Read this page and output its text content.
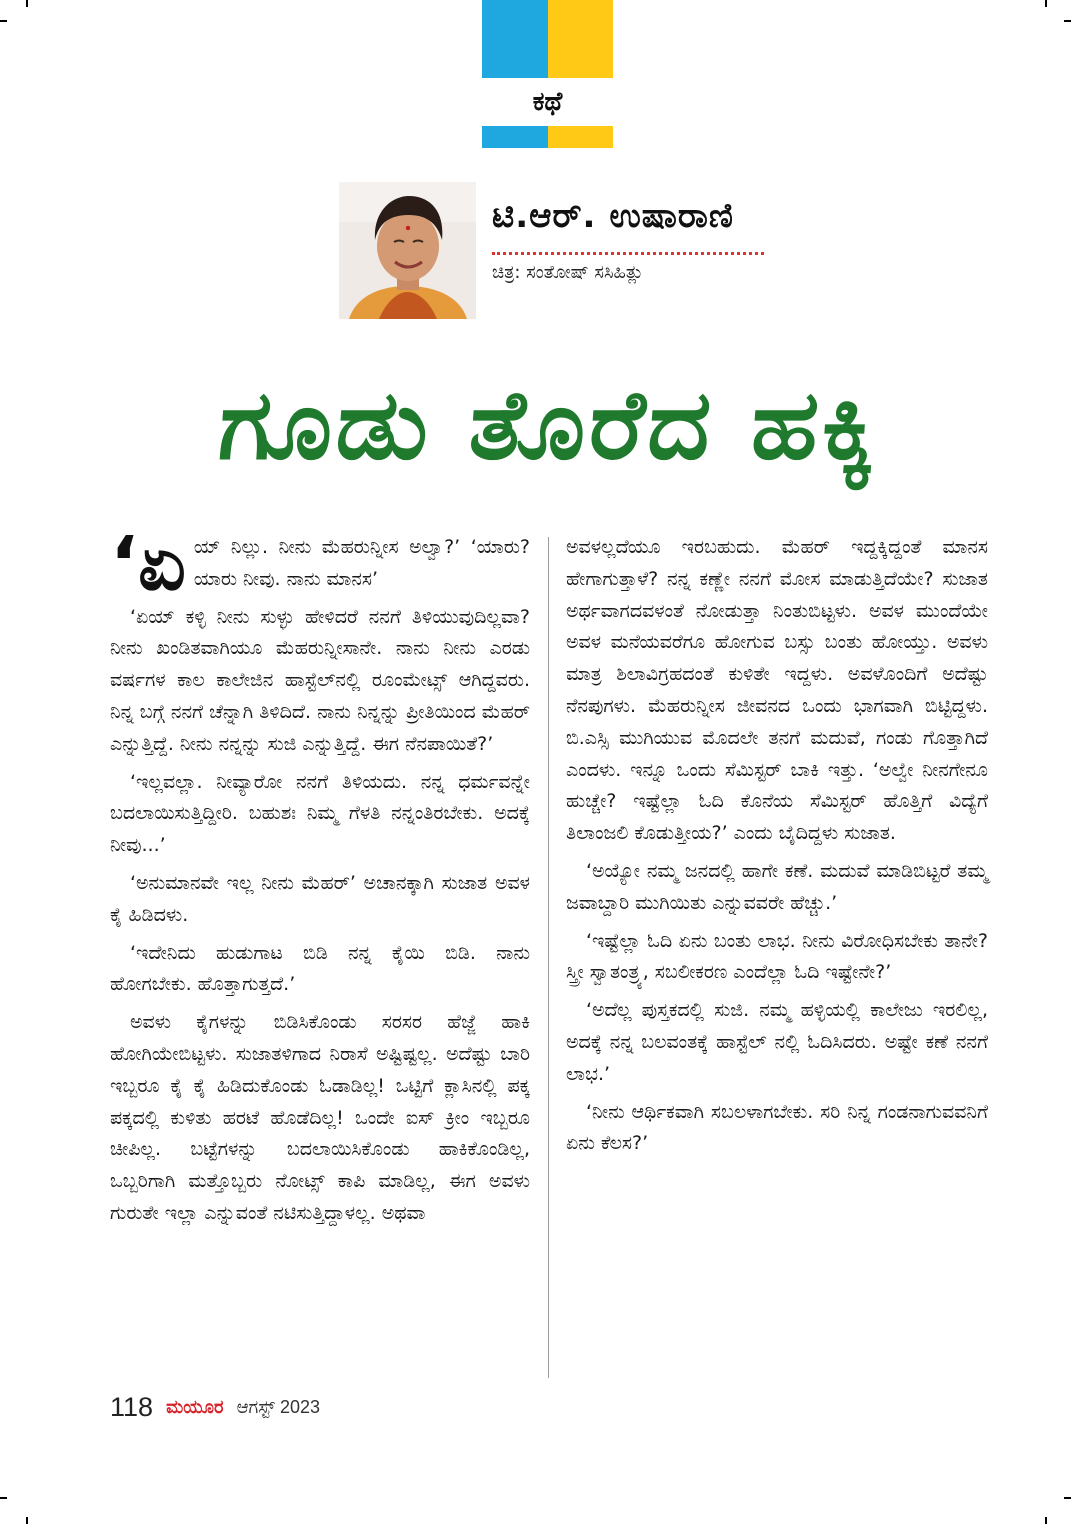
ಕಥೆ
ಟಿ.ಆರ್. ಉಷಾರಾಣಿ
ಚಿತ್ರ: ಸಂತೋಷ್ ಸಸಿಹಿತ್ಲು
ಗೂಡು ತೊರೆದ ಹಕ್ಕಿ

‘ಏಯ್ ನಿಲ್ಲು. ನೀನು ಮೆಹರುನ್ನೀಸ ಅಲ್ವಾ?’ ‘ಯಾರು? ಯಾರು ನೀವು. ನಾನು ಮಾನಸ’

‘ಏಯ್ ಕಳ್ಳಿ ನೀನು ಸುಳ್ಳು ಹೇಳಿದರೆ ನನಗೆ ತಿಳಿಯುವುದಿಲ್ಲವಾ? ನೀನು ಖಂಡಿತವಾಗಿಯೂ ಮೆಹರುನ್ನೀಸಾನೇ. ನಾನು ನೀನು ಎರಡು ವರ್ಷಗಳ ಕಾಲ ಕಾಲೇಜಿನ ಹಾಸ್ಟೆಲ್‌ನಲ್ಲಿ ರೂಂಮೇಟ್ಸ್ ಆಗಿದ್ದವರು. ನಿನ್ನ ಬಗ್ಗೆ ನನಗೆ ಚೆನ್ನಾಗಿ ತಿಳಿದಿದೆ. ನಾನು ನಿನ್ನನ್ನು ಪ್ರೀತಿಯಿಂದ ಮೆಹರ್ ಎನ್ನುತ್ತಿದ್ದೆ. ನೀನು ನನ್ನನ್ನು ಸುಜಿ ಎನ್ನುತ್ತಿದ್ದೆ. ಈಗ ನೆನಪಾಯಿತೆ?’

‘ಇಲ್ಲವಲ್ಲಾ. ನೀವ್ಯಾರೋ ನನಗೆ ತಿಳಿಯದು. ನನ್ನ ಧರ್ಮವನ್ನೇ ಬದಲಾಯಿಸುತ್ತಿದ್ದೀರಿ. ಬಹುಶಃ ನಿಮ್ಮ ಗೆಳತಿ ನನ್ನಂತಿರಬೇಕು. ಅದಕ್ಕೆ ನೀವು...’

‘ಅನುಮಾನವೇ ಇಲ್ಲ ನೀನು ಮೆಹರ್’ ಅಚಾನಕ್ಕಾಗಿ ಸುಜಾತ ಅವಳ ಕೈ ಹಿಡಿದಳು.

‘ಇದೇನಿದು ಹುಡುಗಾಟ ಬಿಡಿ ನನ್ನ ಕೈಯಿ ಬಿಡಿ. ನಾನು ಹೋಗಬೇಕು. ಹೊತ್ತಾಗುತ್ತದೆ.’

ಅವಳು ಕೈಗಳನ್ನು ಬಿಡಿಸಿಕೊಂಡು ಸರಸರ ಹೆಜ್ಜೆ ಹಾಕಿ ಹೋಗಿಯೇಬಿಟ್ಟಳು. ಸುಜಾತಳಿಗಾದ ನಿರಾಸೆ ಅಷ್ಟಿಷ್ಟಲ್ಲ. ಅದೆಷ್ಟು ಬಾರಿ ಇಬ್ಬರೂ ಕೈ ಕೈ ಹಿಡಿದುಕೊಂಡು ಓಡಾಡಿಲ್ಲ! ಒಟ್ಟಿಗೆ ಕ್ಲಾಸಿನಲ್ಲಿ ಪಕ್ಕ ಪಕ್ಕದಲ್ಲಿ ಕುಳಿತು ಹರಟೆ ಹೊಡೆದಿಲ್ಲ! ಒಂದೇ ಐಸ್ ಕ್ರೀಂ ಇಬ್ಬರೂ ಚೀಪಿಲ್ಲ. ಬಟ್ಟೆಗಳನ್ನು ಬದಲಾಯಿಸಿಕೊಂಡು ಹಾಕಿಕೊಂಡಿಲ್ಲ, ಒಬ್ಬರಿಗಾಗಿ ಮತ್ತೊಬ್ಬರು ನೋಟ್ಸ್ ಕಾಪಿ ಮಾಡಿಲ್ಲ, ಈಗ ಅವಳು ಗುರುತೇ ಇಲ್ಲಾ ಎನ್ನುವಂತೆ ನಟಿಸುತ್ತಿದ್ದಾಳಲ್ಲ. ಅಥವಾ

ಅವಳಲ್ಲದೆಯೂ ಇರಬಹುದು. ಮೆಹರ್ ಇದ್ದಕ್ಕಿದ್ದಂತೆ ಮಾನಸ ಹೇಗಾಗುತ್ತಾಳೆ? ನನ್ನ ಕಣ್ಣೇ ನನಗೆ ಮೋಸ ಮಾಡುತ್ತಿದೆಯೇ? ಸುಜಾತ ಅರ್ಥವಾಗದವಳಂತೆ ನೋಡುತ್ತಾ ನಿಂತುಬಿಟ್ಟಳು. ಅವಳ ಮುಂದೆಯೇ ಅವಳ ಮನೆಯವರೆಗೂ ಹೋಗುವ ಬಸ್ಸು ಬಂತು ಹೋಯ್ತು. ಅವಳು ಮಾತ್ರ ಶಿಲಾವಿಗ್ರಹದಂತೆ ಕುಳಿತೇ ಇದ್ದಳು. ಅವಳೊಂದಿಗೆ ಅದೆಷ್ಟು ನೆನಪುಗಳು. ಮೆಹರುನ್ನೀಸ ಜೀವನದ ಒಂದು ಭಾಗವಾಗಿ ಬಿಟ್ಟಿದ್ದಳು. ಬಿ.ಎಸ್ಸಿ ಮುಗಿಯುವ ಮೊದಲೇ ತನಗೆ ಮದುವೆ, ಗಂಡು ಗೊತ್ತಾಗಿದೆ ಎಂದಳು. ಇನ್ನೂ ಒಂದು ಸೆಮಿಸ್ಟರ್ ಬಾಕಿ ಇತ್ತು. ‘ಅಲ್ವೇ ನೀನಗೇನೂ ಹುಚ್ಚೇ? ಇಷ್ಟೆಲ್ಲಾ ಓದಿ ಕೊನೆಯ ಸೆಮಿಸ್ಟರ್ ಹೊತ್ತಿಗೆ ವಿದ್ಯೆಗೆ ತಿಲಾಂಜಲಿ ಕೊಡುತ್ತೀಯ?’ ಎಂದು ಬೈದಿದ್ದಳು ಸುಜಾತ.

‘ಅಯ್ಯೋ ನಮ್ಮ ಜನದಲ್ಲಿ ಹಾಗೇ ಕಣೆ. ಮದುವೆ ಮಾಡಿಬಿಟ್ಟರೆ ತಮ್ಮ ಜವಾಬ್ದಾರಿ ಮುಗಿಯಿತು ಎನ್ನುವವರೇ ಹೆಚ್ಚು.’

‘ಇಷ್ಟೆಲ್ಲಾ ಓದಿ ಏನು ಬಂತು ಲಾಭ. ನೀನು ವಿರೋಧಿಸಬೇಕು ತಾನೇ? ಸ್ತ್ರೀ ಸ್ವಾತಂತ್ರ್ಯ, ಸಬಲೀಕರಣ ಎಂದೆಲ್ಲಾ ಓದಿ ಇಷ್ಟೇನೇ?’

‘ಅದೆಲ್ಲ ಪುಸ್ತಕದಲ್ಲಿ ಸುಜಿ. ನಮ್ಮ ಹಳ್ಳಿಯಲ್ಲಿ ಕಾಲೇಜು ಇರಲಿಲ್ಲ, ಅದಕ್ಕೆ ನನ್ನ ಬಲವಂತಕ್ಕೆ ಹಾಸ್ಟೆಲ್ ನಲ್ಲಿ ಓದಿಸಿದರು. ಅಷ್ಟೇ ಕಣೆ ನನಗೆ ಲಾಭ.’

‘ನೀನು ಆರ್ಥಿಕವಾಗಿ ಸಬಲಳಾಗಬೇಕು. ಸರಿ ನಿನ್ನ ಗಂಡನಾಗುವವನಿಗೆ ಏನು ಕೆಲಸ?’

118 ಮಯೂರ ಆಗಸ್ಟ್ 2023
